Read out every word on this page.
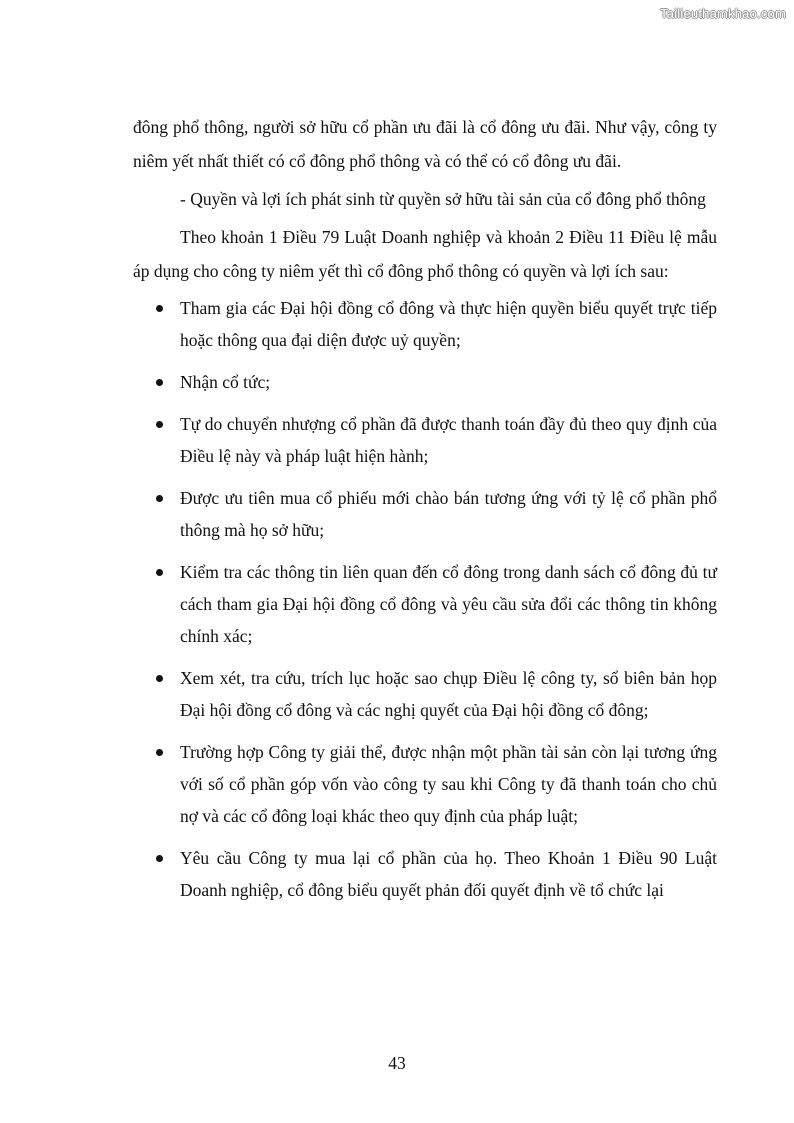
Tailieuthamkhao.com

đông phổ thông, người sở hữu cổ phần ưu đãi là cổ đông ưu đãi. Như vậy, công ty niêm yết nhất thiết có cổ đông phổ thông và có thể có cổ đông ưu đãi.

- Quyền và lợi ích phát sinh từ quyền sở hữu tài sản của cổ đông phổ thông

Theo khoản 1 Điều 79 Luật Doanh nghiệp và khoản 2 Điều 11 Điều lệ mẫu áp dụng cho công ty niêm yết thì cổ đông phổ thông có quyền và lợi ích sau:

Tham gia các Đại hội đồng cổ đông và thực hiện quyền biểu quyết trực tiếp hoặc thông qua đại diện được uỷ quyền;
Nhận cổ tức;
Tự do chuyển nhượng cổ phần đã được thanh toán đầy đủ theo quy định của Điều lệ này và pháp luật hiện hành;
Được ưu tiên mua cổ phiếu mới chào bán tương ứng với tỷ lệ cổ phần phổ thông mà họ sở hữu;
Kiểm tra các thông tin liên quan đến cổ đông trong danh sách cổ đông đủ tư cách tham gia Đại hội đồng cổ đông và yêu cầu sửa đổi các thông tin không chính xác;
Xem xét, tra cứu, trích lục hoặc sao chụp Điều lệ công ty, sổ biên bản họp Đại hội đồng cổ đông và các nghị quyết của Đại hội đồng cổ đông;
Trường hợp Công ty giải thể, được nhận một phần tài sản còn lại tương ứng với số cổ phần góp vốn vào công ty sau khi Công ty đã thanh toán cho chủ nợ và các cổ đông loại khác theo quy định của pháp luật;
Yêu cầu Công ty mua lại cổ phần của họ. Theo Khoản 1 Điều 90 Luật Doanh nghiệp, cổ đông biểu quyết phản đối quyết định về tổ chức lại
43
